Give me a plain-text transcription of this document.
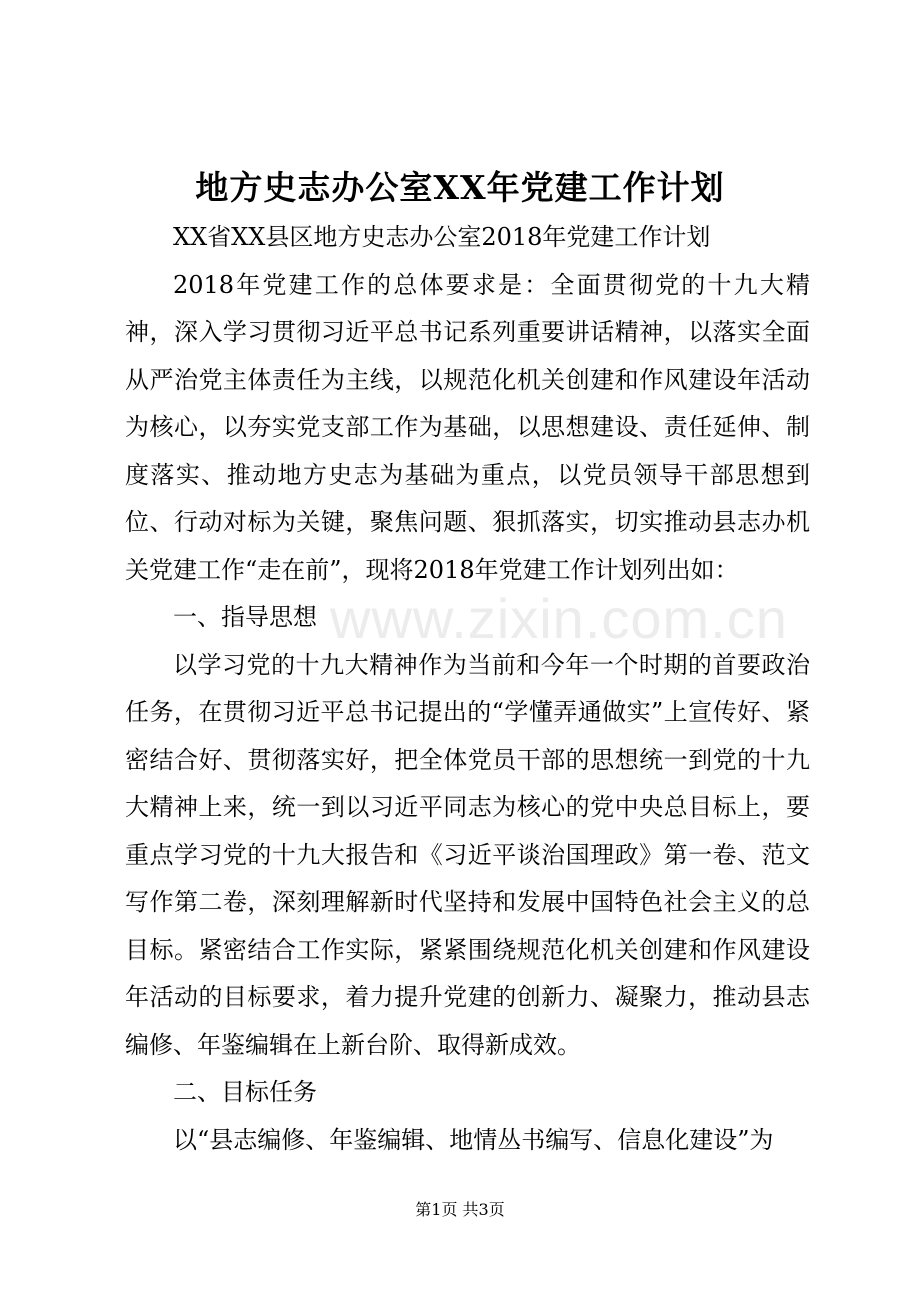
地方史志办公室XX年党建工作计划

XX省XX县区地方史志办公室2018年党建工作计划

2018年党建工作的总体要求是：全面贯彻党的十九大精神，深入学习贯彻习近平总书记系列重要讲话精神，以落实全面从严治党主体责任为主线，以规范化机关创建和作风建设年活动为核心，以夯实党支部工作为基础，以思想建设、责任延伸、制度落实、推动地方史志为基础为重点，以党员领导干部思想到位、行动对标为关键，聚焦问题、狠抓落实，切实推动县志办机关党建工作“走在前”，现将2018年党建工作计划列出如：

一、指导思想

以学习党的十九大精神作为当前和今年一个时期的首要政治任务，在贯彻习近平总书记提出的“学懂弄通做实”上宣传好、紧密结合好、贯彻落实好，把全体党员干部的思想统一到党的十九大精神上来，统一到以习近平同志为核心的党中央总目标上，要重点学习党的十九大报告和《习近平谈治国理政》第一卷、范文写作第二卷，深刻理解新时代坚持和发展中国特色社会主义的总目标。紧密结合工作实际，紧紧围绕规范化机关创建和作风建设年活动的目标要求，着力提升党建的创新力、凝聚力，推动县志编修、年鉴编辑在上新台阶、取得新成效。

二、目标任务

以“县志编修、年鉴编辑、地情丛书编写、信息化建设”为

www.zixin.com.cn
第1页 共3页
